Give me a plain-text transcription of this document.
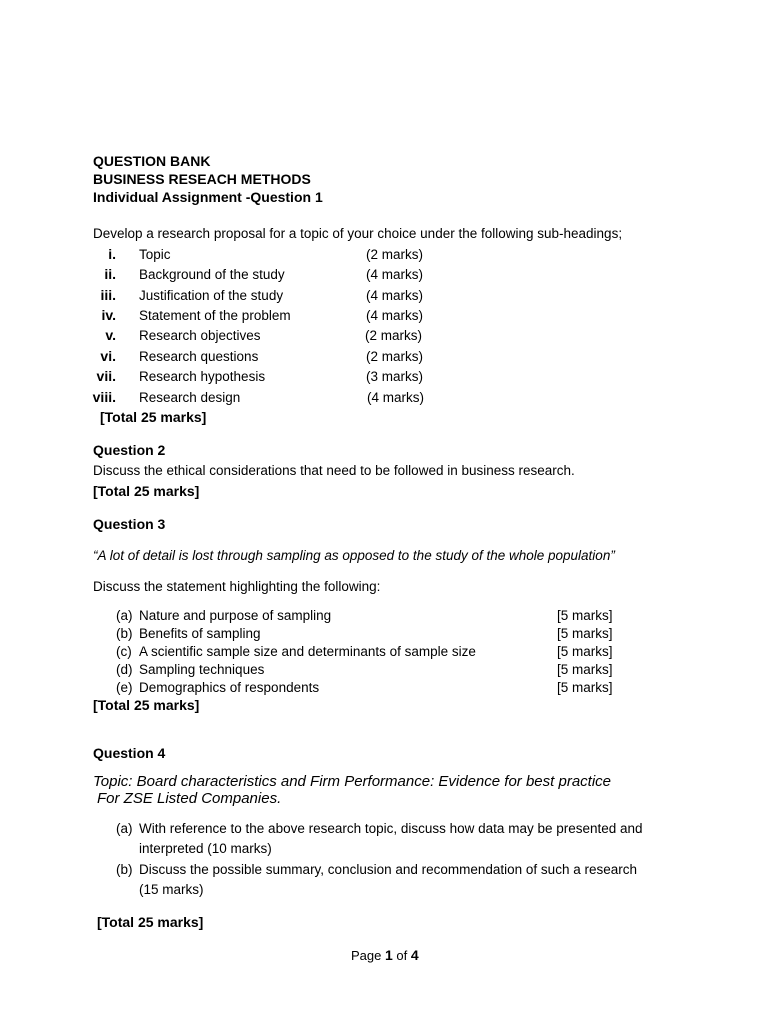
QUESTION BANK
BUSINESS RESEACH METHODS
Individual Assignment -Question 1
Develop a research proposal for a topic of your choice under the following sub-headings;
i. Topic	(2 marks)
ii. Background of the study	(4 marks)
iii. Justification of the study	(4 marks)
iv. Statement of the problem	(4 marks)
v. Research objectives	(2 marks)
vi. Research questions	(2 marks)
vii. Research hypothesis	(3 marks)
viii. Research design	(4 marks)
[Total 25 marks]
Question 2
Discuss the ethical considerations that need to be followed in business research.
[Total 25 marks]
Question 3
“A lot of detail is lost through sampling as opposed to the study of the whole population”
Discuss the statement highlighting the following:
(a) Nature and purpose of sampling	[5 marks]
(b) Benefits of sampling	[5 marks]
(c) A scientific sample size and determinants of sample size	[5 marks]
(d) Sampling techniques	[5 marks]
(e) Demographics of respondents	[5 marks]
[Total 25 marks]
Question 4
Topic: Board characteristics and Firm Performance: Evidence for best practice
For ZSE Listed Companies.
(a) With reference to the above research topic, discuss how data may be presented and
interpreted (10 marks)
(b) Discuss the possible summary, conclusion and recommendation of such a research
(15 marks)
[Total 25 marks]
Page 1 of 4
